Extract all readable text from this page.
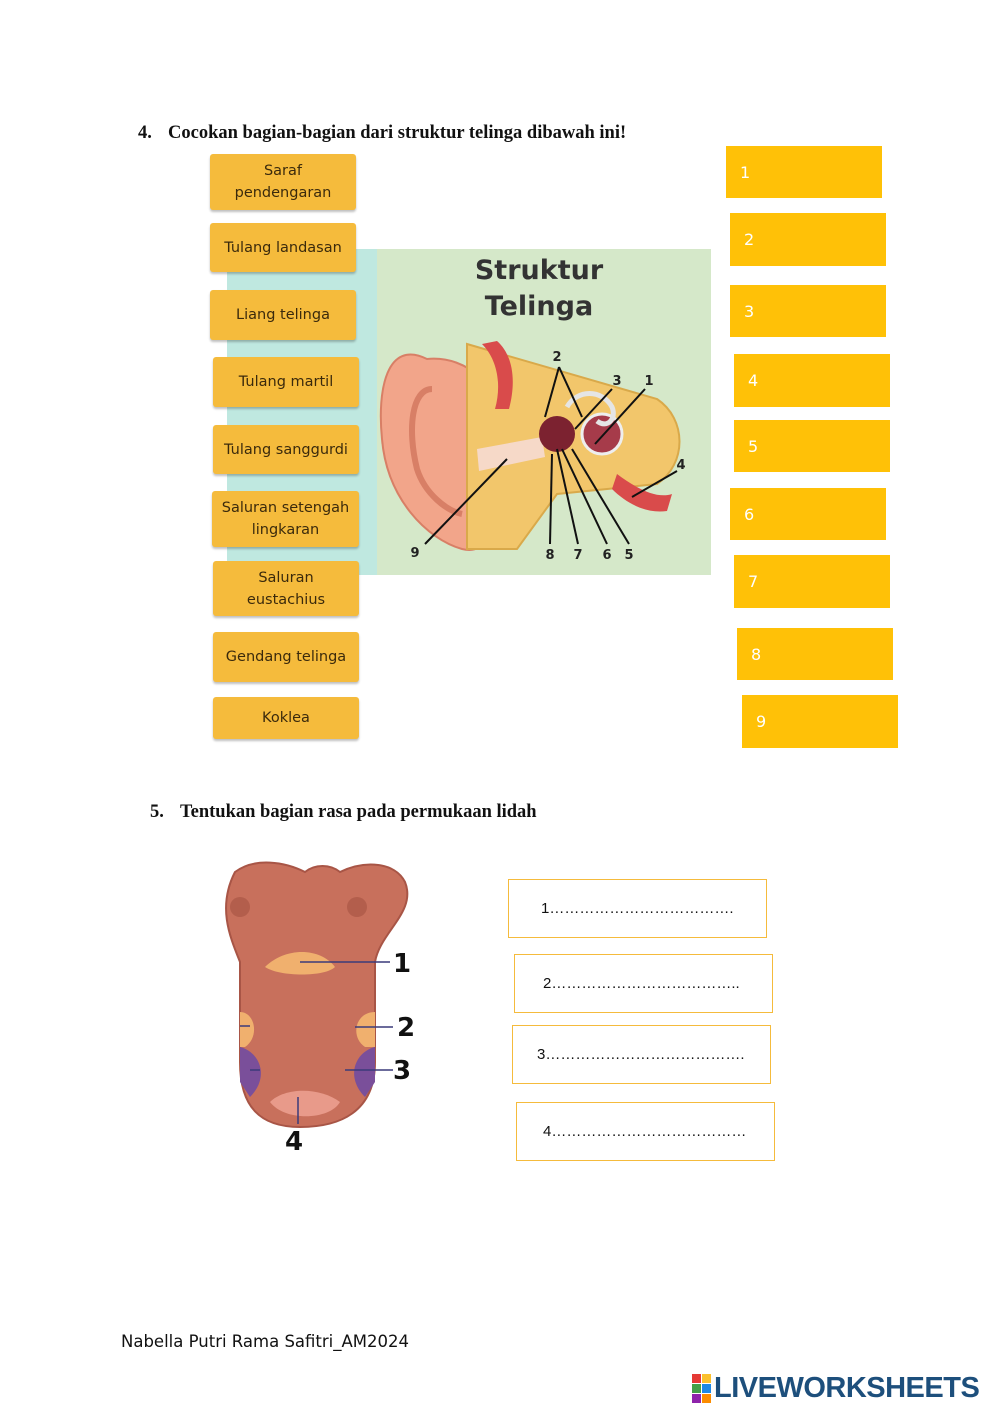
4. Cocokan bagian-bagian dari struktur telinga dibawah ini!
Struktur
Telinga
2
3 1
4
9	8 7 6 5
Saraf pendengaran
Tulang landasan
Liang telinga
Tulang martil
Tulang sanggurdi
Saluran setengah lingkaran
Saluran eustachius
Gendang telinga
Koklea
1
2
3
4
5
6
7
8
9
5. Tentukan bagian rasa pada permukaan lidah
1
2
3
4
1……………………………….
2………………………………..
3………………………………….
4…………………………………
Nabella Putri Rama Safitri_AM2024
LIVEWORKSHEETS
